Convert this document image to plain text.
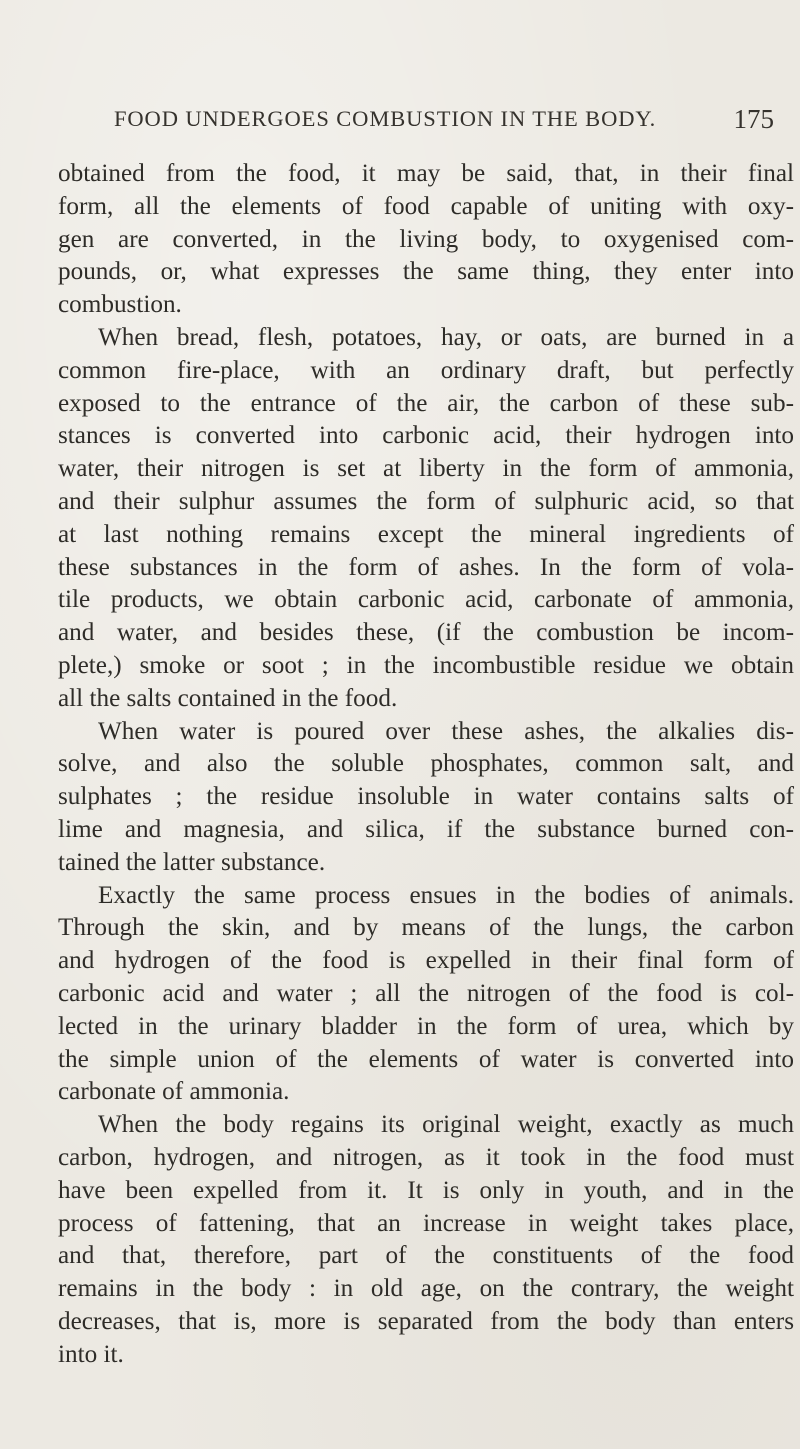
FOOD UNDERGOES COMBUSTION IN THE BODY.	175
obtained from the food, it may be said, that, in their final
form, all the elements of food capable of uniting with oxy-
gen are converted, in the living body, to oxygenised com-
pounds, or, what expresses the same thing, they enter into
combustion.
When bread, flesh, potatoes, hay, or oats, are burned in a
common fire-place, with an ordinary draft, but perfectly
exposed to the entrance of the air, the carbon of these sub-
stances is converted into carbonic acid, their hydrogen into
water, their nitrogen is set at liberty in the form of ammonia,
and their sulphur assumes the form of sulphuric acid, so that
at last nothing remains except the mineral ingredients of
these substances in the form of ashes. In the form of vola-
tile products, we obtain carbonic acid, carbonate of ammonia,
and water, and besides these, (if the combustion be incom-
plete,) smoke or soot ; in the incombustible residue we obtain
all the salts contained in the food.
When water is poured over these ashes, the alkalies dis-
solve, and also the soluble phosphates, common salt, and
sulphates ; the residue insoluble in water contains salts of
lime and magnesia, and silica, if the substance burned con-
tained the latter substance.
Exactly the same process ensues in the bodies of animals.
Through the skin, and by means of the lungs, the carbon
and hydrogen of the food is expelled in their final form of
carbonic acid and water ; all the nitrogen of the food is col-
lected in the urinary bladder in the form of urea, which by
the simple union of the elements of water is converted into
carbonate of ammonia.
When the body regains its original weight, exactly as much
carbon, hydrogen, and nitrogen, as it took in the food must
have been expelled from it. It is only in youth, and in the
process of fattening, that an increase in weight takes place,
and that, therefore, part of the constituents of the food
remains in the body : in old age, on the contrary, the weight
decreases, that is, more is separated from the body than enters
into it.
